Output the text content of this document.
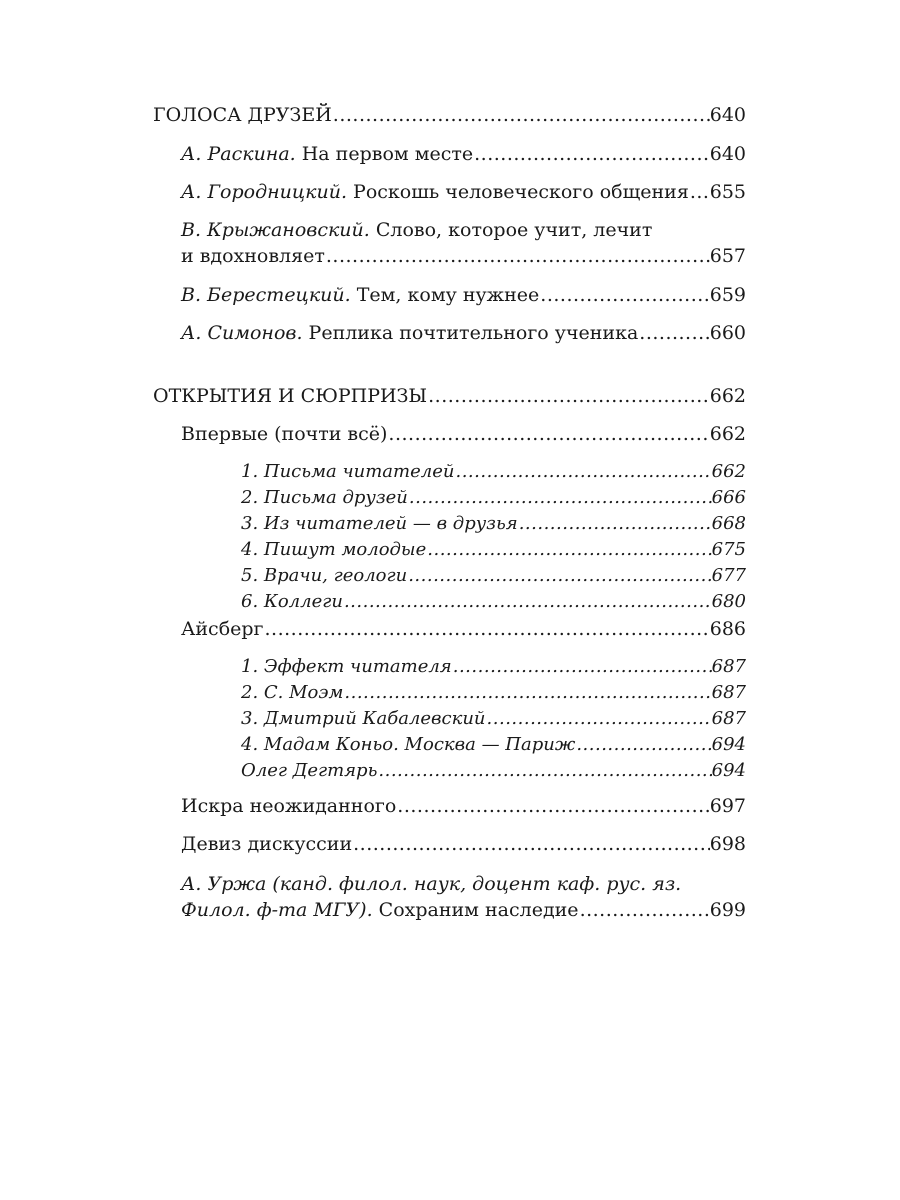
ГОЛОСА ДРУЗЕЙ .....	640
А. Раскина. На первом месте .....	640
А. Городницкий. Роскошь человеческого общения ..... 655
В. Крыжановский. Слово, которое учит, лечит
и вдохновляет .....	657
В. Берестецкий. Тем, кому нужнее .....	659
А. Симонов. Реплика почтительного ученика .....	660
ОТКРЫТИЯ И СЮРПРИЗЫ .....	662
Впервые (почти всё) .....	662
1. Письма читателей .....	662
2. Письма друзей .....	666
3. Из читателей — в друзья .....	668
4. Пишут молодые .....	675
5. Врачи, геологи .....	677
6. Коллеги .....	680
Айсберг .....	686
1. Эффект читателя .....	687
2. С. Моэм .....	687
3. Дмитрий Кабалевский .....	687
4. Мадам Коньо. Москва — Париж .....	694
Олег Дегтярь .....	694
Искра неожиданного .....	697
Девиз дискуссии .....	698
А. Уржа (канд. филол. наук, доцент каф. рус. яз.
Филол. ф-та МГУ). Сохраним наследие .....	699
